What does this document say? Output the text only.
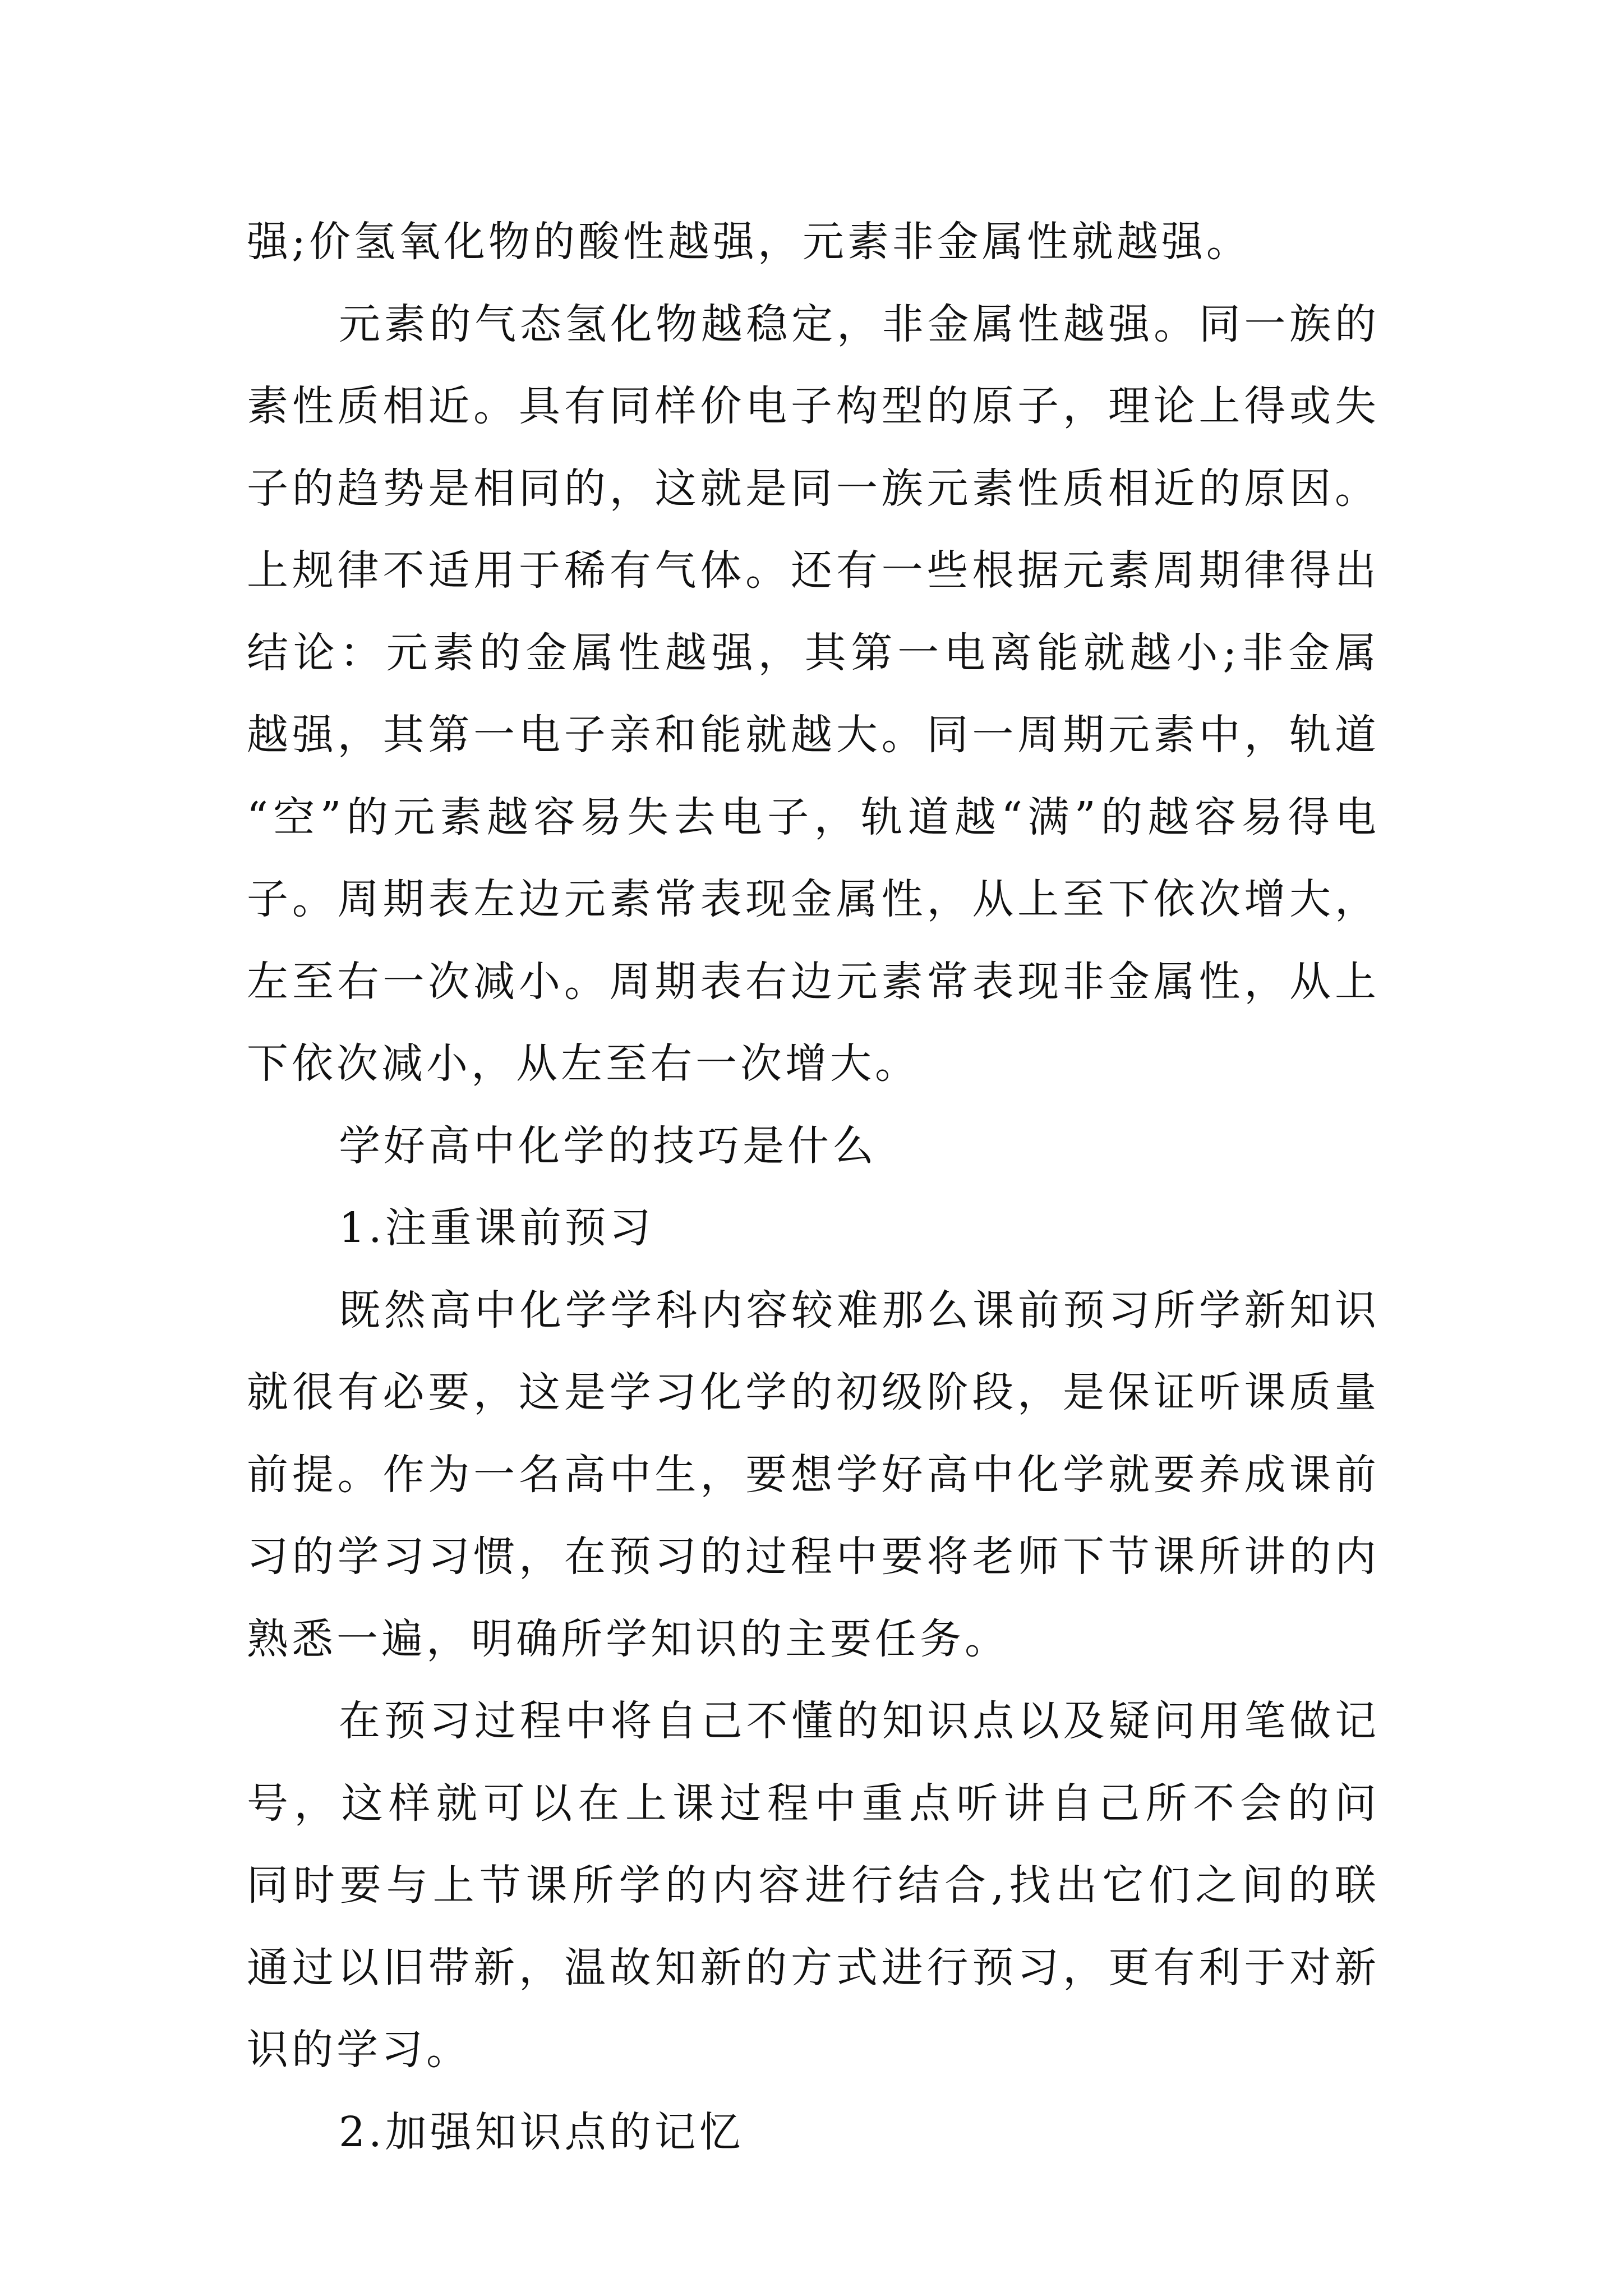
强;价氢氧化物的酸性越强，元素非金属性就越强。
元素的气态氢化物越稳定，非金属性越强。同一族的
素性质相近。具有同样价电子构型的原子，理论上得或失
子的趋势是相同的，这就是同一族元素性质相近的原因。
上规律不适用于稀有气体。还有一些根据元素周期律得出
结论：元素的金属性越强，其第一电离能就越小;非金属
越强，其第一电子亲和能就越大。同一周期元素中，轨道
“空”的元素越容易失去电子，轨道越“满”的越容易得电
子。周期表左边元素常表现金属性，从上至下依次增大，
左至右一次减小。周期表右边元素常表现非金属性，从上
下依次减小，从左至右一次增大。
学好高中化学的技巧是什么
1.注重课前预习
既然高中化学学科内容较难那么课前预习所学新知识
就很有必要，这是学习化学的初级阶段，是保证听课质量
前提。作为一名高中生，要想学好高中化学就要养成课前
习的学习习惯，在预习的过程中要将老师下节课所讲的内
熟悉一遍，明确所学知识的主要任务。
在预习过程中将自己不懂的知识点以及疑问用笔做记
号，这样就可以在上课过程中重点听讲自己所不会的问
同时要与上节课所学的内容进行结合,找出它们之间的联
通过以旧带新，温故知新的方式进行预习，更有利于对新
识的学习。
2.加强知识点的记忆
